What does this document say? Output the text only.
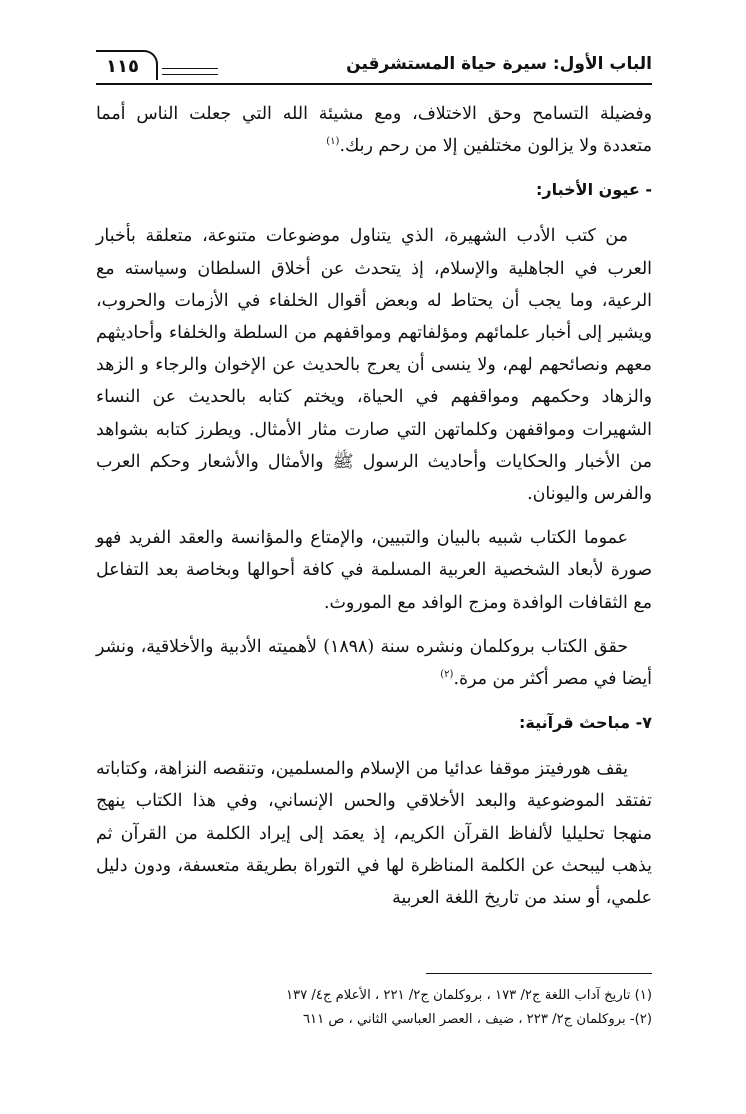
الباب الأول: سيرة حياة المستشرقين
١١٥

وفضيلة التسامح وحق الاختلاف، ومع مشيئة الله التي جعلت الناس أمما متعددة ولا يزالون مختلفين إلا من رحم ربك.$^{(١)}$

- عيون الأخبار:

من كتب الأدب الشهيرة، الذي يتناول موضوعات متنوعة، متعلقة بأخبار العرب في الجاهلية والإسلام، إذ يتحدث عن أخلاق السلطان وسياسته مع الرعية، وما يجب أن يحتاط له وبعض أقوال الخلفاء في الأزمات والحروب، ويشير إلى أخبار علمائهم ومؤلفاتهم ومواقفهم من السلطة والخلفاء وأحاديثهم معهم ونصائحهم لهم، ولا ينسى أن يعرج بالحديث عن الإخوان والرجاء و الزهد والزهاد وحكمهم ومواقفهم في الحياة، ويختم كتابه بالحديث عن النساء الشهيرات ومواقفهن وكلماتهن التي صارت مثار الأمثال. ويطرز كتابه بشواهد من الأخبار والحكايات وأحاديث الرسول ﷺ والأمثال والأشعار وحكم العرب والفرس واليونان.

عموما الكتاب شبيه بالبيان والتبيين، والإمتاع والمؤانسة والعقد الفريد فهو صورة لأبعاد الشخصية العربية المسلمة في كافة أحوالها وبخاصة بعد التفاعل مع الثقافات الوافدة ومزج الوافد مع الموروث.

حقق الكتاب بروكلمان ونشره سنة (١٨٩٨) لأهميته الأدبية والأخلاقية، ونشر أيضا في مصر أكثر من مرة.$^{(٢)}$

٧- مباحث قرآنية:

يقف هورفيتز موقفا عدائيا من الإسلام والمسلمين، وتنقصه النزاهة، وكتاباته تفتقد الموضوعية والبعد الأخلاقي والحس الإنساني، وفي هذا الكتاب ينهج منهجا تحليليا لألفاظ القرآن الكريم، إذ يعمَد إلى إيراد الكلمة من القرآن ثم يذهب ليبحث عن الكلمة المناظرة لها في التوراة بطريقة متعسفة، ودون دليل علمي، أو سند من تاريخ اللغة العربية

(١) تاريخ آداب اللغة ج٢/ ١٧٣ ، بروكلمان ج٢/ ٢٢١ ، الأعلام ج٤/ ١٣٧
(٢)- بروكلمان ج٢/ ٢٢٣ ، ضيف ، العصر العباسي الثاني ، ص ٦١١
